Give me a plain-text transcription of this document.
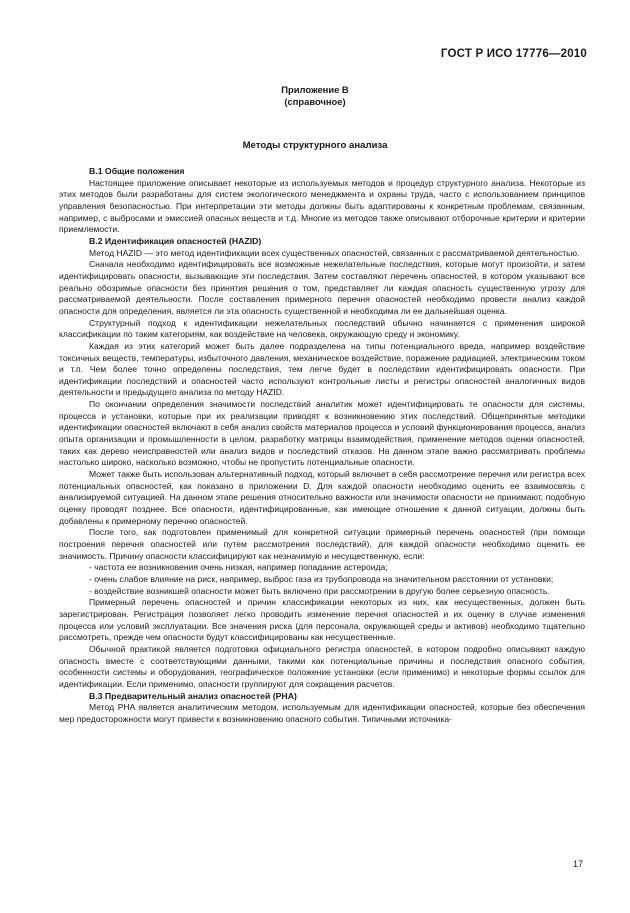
ГОСТ Р ИСО 17776—2010
Приложение В
(справочное)
Методы структурного анализа
В.1 Общие положения

Настоящее приложение описывает некоторые из используемых методов и процедур структурного анализа. Некоторые из этих методов были разработаны для систем экологического менеджмента и охраны труда, часто с использованием принципов управления безопасностью. При интерпретации эти методы должны быть адаптированы к конкретным проблемам, связанным, например, с выбросами и эмиссией опасных веществ и т.д. Многие из методов также описывают отборочные критерии и критерии приемлемости.

В.2 Идентификация опасностей (HAZID)

Метод HAZID — это метод идентификации всех существенных опасностей, связанных с рассматриваемой деятельностью.

Сначала необходимо идентифицировать все возможные нежелательные последствия, которые могут произойти, и затем идентифицировать опасности, вызывающие эти последствия. Затем составляют перечень опасностей, в котором указывают все реально обозримые опасности без принятия решения о том, представляет ли каждая опасность существенную угрозу для рассматриваемой деятельности. После составления примерного перечня опасностей необходимо провести анализ каждой опасности для определения, является ли эта опасность существенной и необходима ли ее дальнейшая оценка.

Структурный подход к идентификации нежелательных последствий обычно начинается с применения широкой классификации по таким категориям, как воздействие на человека, окружающую среду и экономику.

Каждая из этих категорий может быть далее подразделена на типы потенциального вреда, например воздействие токсичных веществ, температуры, избыточного давления, механическое воздействие, поражение радиацией, электрическим током и т.п. Чем более точно определены последствия, тем легче будет в последствии идентифицировать опасности. При идентификации последствий и опасностей часто используют контрольные листы и регистры опасностей аналогичных видов деятельности и предыдущего анализа по методу HAZID.

По окончании определения значимости последствий аналитик может идентифицировать те опасности для системы, процесса и установки, которые при их реализации приводят к возникновению этих последствий. Общепринятые методики идентификации опасностей включают в себя анализ свойств материалов процесса и условий функционирования процесса, анализ опыта организации и промышленности в целом, разработку матрицы взаимодействия, применение методов оценки опасностей, таких как дерево неисправностей или анализ видов и последствий отказов. На данном этапе важно рассматривать проблемы настолько широко, насколько возможно, чтобы не пропустить потенциальные опасности.

Может также быть использован альтернативный подход, который включает в себя рассмотрение перечня или регистра всех потенциальных опасностей, как показано в приложении D. Для каждой опасности необходимо оценить ее взаимосвязь с анализируемой ситуацией. На данном этапе решения относительно важности или значимости опасности не принимают, подобную оценку проводят позднее. Все опасности, идентифицированные, как имеющие отношение к данной ситуации, должны быть добавлены к примерному перечню опасностей.

После того, как подготовлен применимый для конкретной ситуации примерный перечень опасностей (при помощи построения перечня опасностей или путем рассмотрения последствий), для каждой опасности необходимо оценить ее значимость. Причину опасности классифицируют как незначимую и несущественную, если:

- частота ее возникновения очень низкая, например попадание астероида;

- очень слабое влияние на риск, например, выброс газа из трубопровода на значительном расстоянии от установки;

- воздействие возникшей опасности может быть включено при рассмотрении в другую более серьезную опасность.

Примерный перечень опасностей и причин классификации некоторых из них, как несущественных, должен быть зарегистрирован. Регистрация позволяет легко проводить изменение перечня опасностей и их оценку в случае изменения процесса или условий эксплуатации. Все значения риска (для персонала, окружающей среды и активов) необходимо тщательно рассмотреть, прежде чем опасности будут классифицированы как несущественные.

Обычной практикой является подготовка официального регистра опасностей, в котором подробно описывают каждую опасность вместе с соответствующими данными, такими как потенциальные причины и последствия опасного события, особенности системы и оборудования, географическое положение установки (если применимо) и некоторые формы ссылок для идентификации. Если применимо, опасности группируют для сокращения расчетов.

В.3 Предварительный анализ опасностей (PHA)

Метод PHA является аналитическим методом, используемым для идентификации опасностей, которые без обеспечения мер предосторожности могут привести к возникновению опасного события. Типичными источника-

17
